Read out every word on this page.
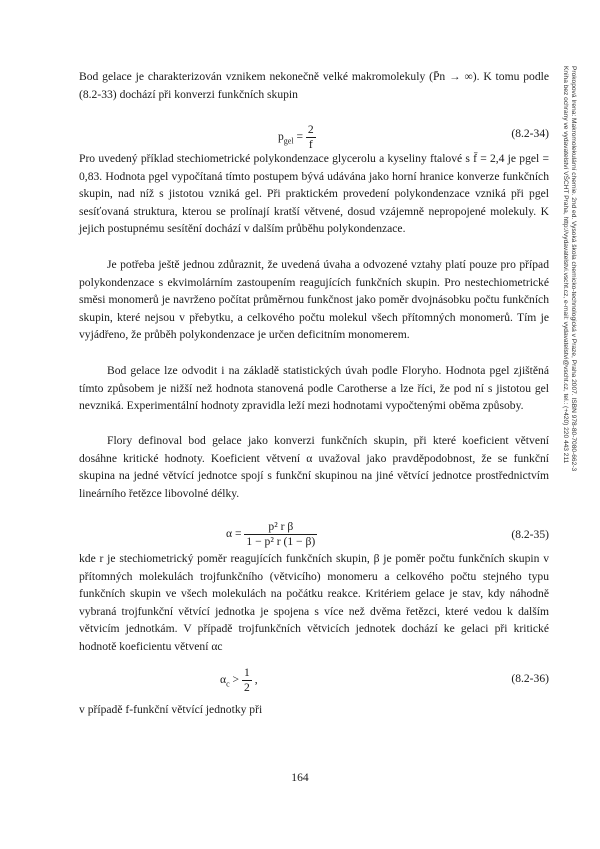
Bod gelace je charakterizován vznikem nekonečně velké makromolekuly (P̄n → ∞). K tomu podle (8.2-33) dochází při konverzi funkčních skupin

$p_{gel} = \frac{2}{f}$	(8.2-34)

Pro uvedený příklad stechiometrické polykondenzace glycerolu a kyseliny ftalové s f̄ = 2,4 je pgel = 0,83. Hodnota pgel vypočítaná tímto postupem bývá udávána jako horní hranice konverze funkčních skupin, nad níž s jistotou vzniká gel. Při praktickém provedení polykondenzace vzniká při pgel sesíťovaná struktura, kterou se prolínají kratší větvené, dosud vzájemně nepropojené molekuly. K jejich postupnému sesítění dochází v dalším průběhu polykondenzace.

Je potřeba ještě jednou zdůraznit, že uvedená úvaha a odvozené vztahy platí pouze pro případ polykondenzace s ekvimolárním zastoupením reagujících funkčních skupin. Pro nestechiometrické směsi monomerů je navrženo počítat průměrnou funkčnost jako poměr dvojnásobku počtu funkčních skupin, které nejsou v přebytku, a celkového počtu molekul všech přítomných monomerů. Tím je vyjádřeno, že průběh polykondenzace je určen deficitním monomerem.

Bod gelace lze odvodit i na základě statistických úvah podle Floryho. Hodnota pgel zjištěná tímto způsobem je nižší než hodnota stanovená podle Carotherse a lze říci, že pod ní s jistotou gel nevzniká. Experimentální hodnoty zpravidla leží mezi hodnotami vypočtenými oběma způsoby.

Flory definoval bod gelace jako konverzi funkčních skupin, při které koeficient větvení dosáhne kritické hodnoty. Koeficient větvení α uvažoval jako pravděpodobnost, že se funkční skupina na jedné větvící jednotce spojí s funkční skupinou na jiné větvící jednotce prostřednictvím lineárního řetězce libovolné délky.

$\alpha = \frac{\text{p² r β}}{\text{1 − p² r (1 − β)}}$	(8.2-35)

kde r je stechiometrický poměr reagujících funkčních skupin, β je poměr počtu funkčních skupin v přítomných molekulách trojfunkčního (větvicího) monomeru a celkového počtu stejného typu funkčních skupin ve všech molekulách na počátku reakce. Kritériem gelace je stav, kdy náhodně vybraná trojfunkční větvící jednotka je spojena s více než dvěma řetězci, které vedou k dalším větvicím jednotkám. V případě trojfunkčních větvicích jednotek dochází ke gelaci při kritické hodnotě koeficientu větvení αc

$\alpha_c > \frac{1}{2}$ ,	(8.2-36)

v případě f-funkční větvící jednotky při

164
Prokopová Irena: Makromolekulární chemie. 2nd ed. Vysoká škola chemicko-technologická v Praze, Praha 2007. ISBN 978-80-7080-662-3
Kniha bez ochrany ve vydavatelství VŠCHT Praha, http://vydavatelstvi.vscht.cz, e-mail: vydavatelstvi@vscht.cz, tel.: (+420) 220 443 211
